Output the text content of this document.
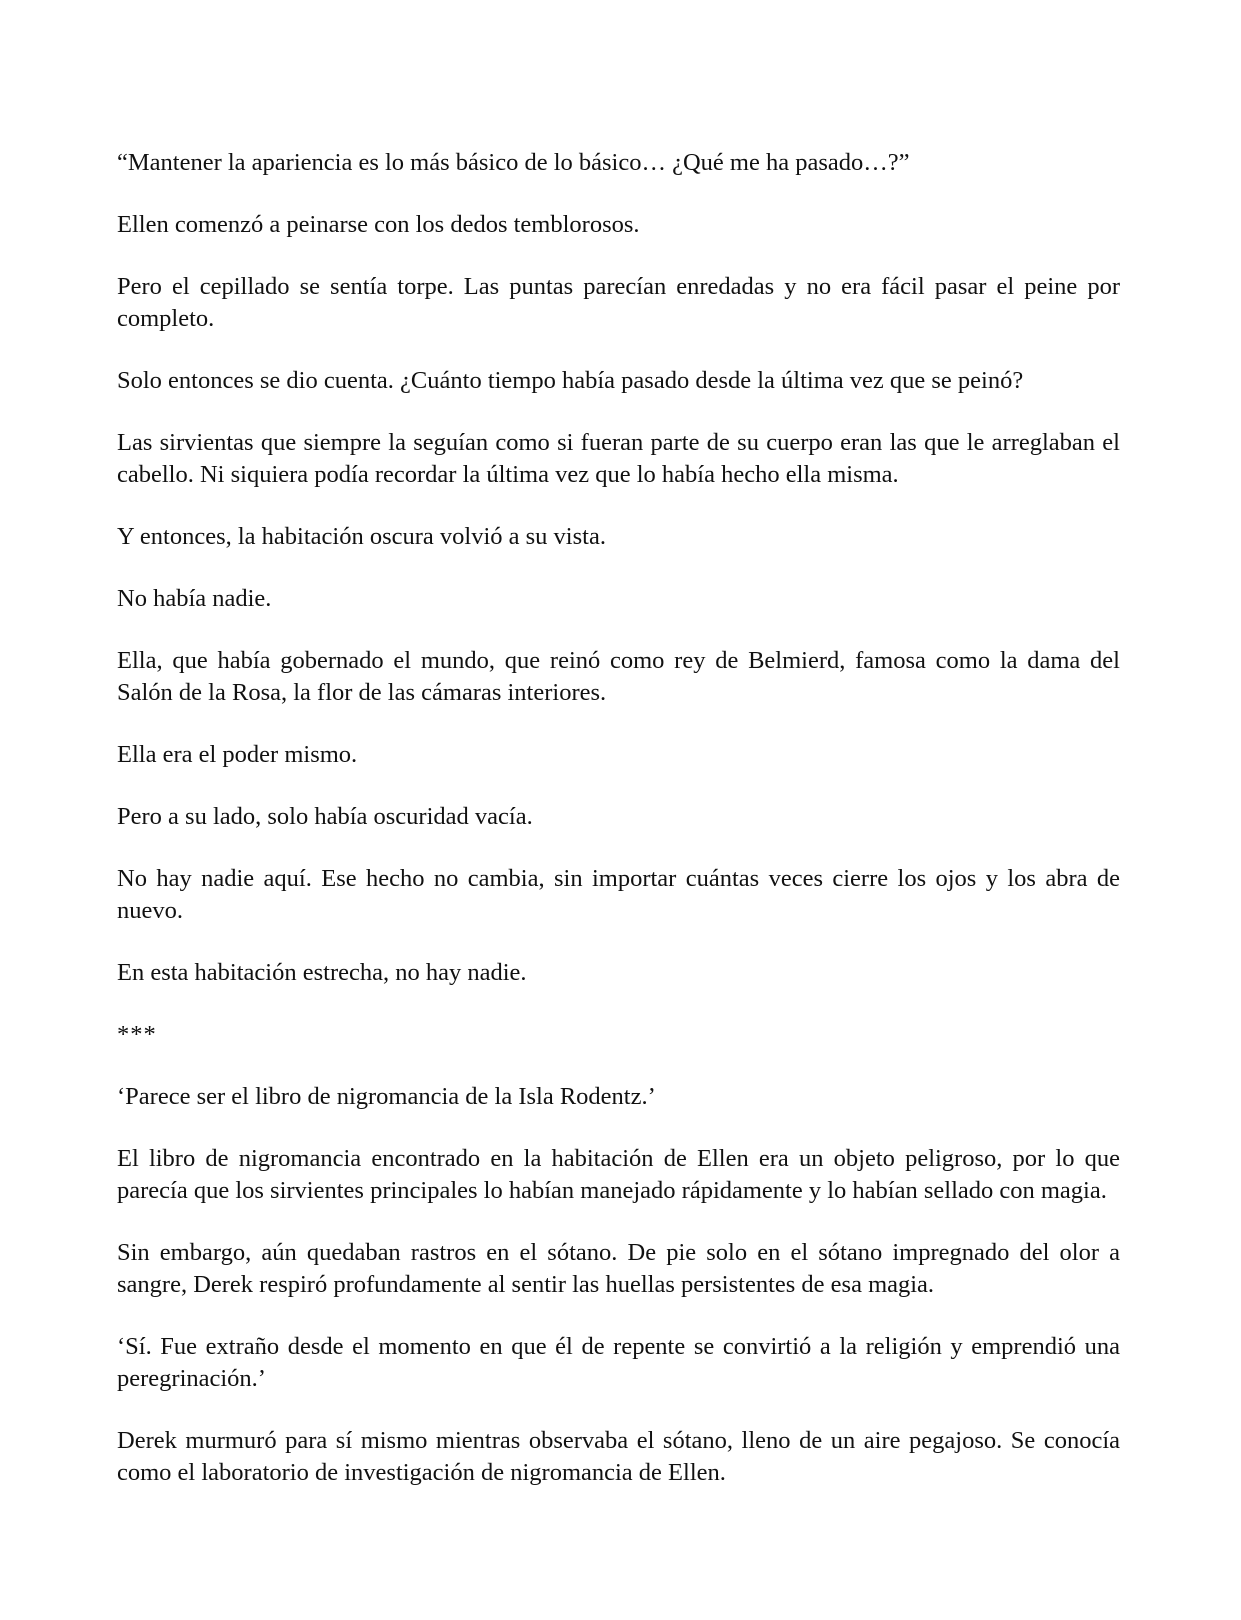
“Mantener la apariencia es lo más básico de lo básico… ¿Qué me ha pasado…?”

Ellen comenzó a peinarse con los dedos temblorosos.

Pero el cepillado se sentía torpe. Las puntas parecían enredadas y no era fácil pasar el peine por completo.

Solo entonces se dio cuenta. ¿Cuánto tiempo había pasado desde la última vez que se peinó?

Las sirvientas que siempre la seguían como si fueran parte de su cuerpo eran las que le arreglaban el cabello. Ni siquiera podía recordar la última vez que lo había hecho ella misma.

Y entonces, la habitación oscura volvió a su vista.

No había nadie.

Ella, que había gobernado el mundo, que reinó como rey de Belmierd, famosa como la dama del Salón de la Rosa, la flor de las cámaras interiores.

Ella era el poder mismo.

Pero a su lado, solo había oscuridad vacía.

No hay nadie aquí. Ese hecho no cambia, sin importar cuántas veces cierre los ojos y los abra de nuevo.

En esta habitación estrecha, no hay nadie.

***

‘Parece ser el libro de nigromancia de la Isla Rodentz.’

El libro de nigromancia encontrado en la habitación de Ellen era un objeto peligroso, por lo que parecía que los sirvientes principales lo habían manejado rápidamente y lo habían sellado con magia.

Sin embargo, aún quedaban rastros en el sótano. De pie solo en el sótano impregnado del olor a sangre, Derek respiró profundamente al sentir las huellas persistentes de esa magia.

‘Sí. Fue extraño desde el momento en que él de repente se convirtió a la religión y emprendió una peregrinación.’

Derek murmuró para sí mismo mientras observaba el sótano, lleno de un aire pegajoso. Se conocía como el laboratorio de investigación de nigromancia de Ellen.
